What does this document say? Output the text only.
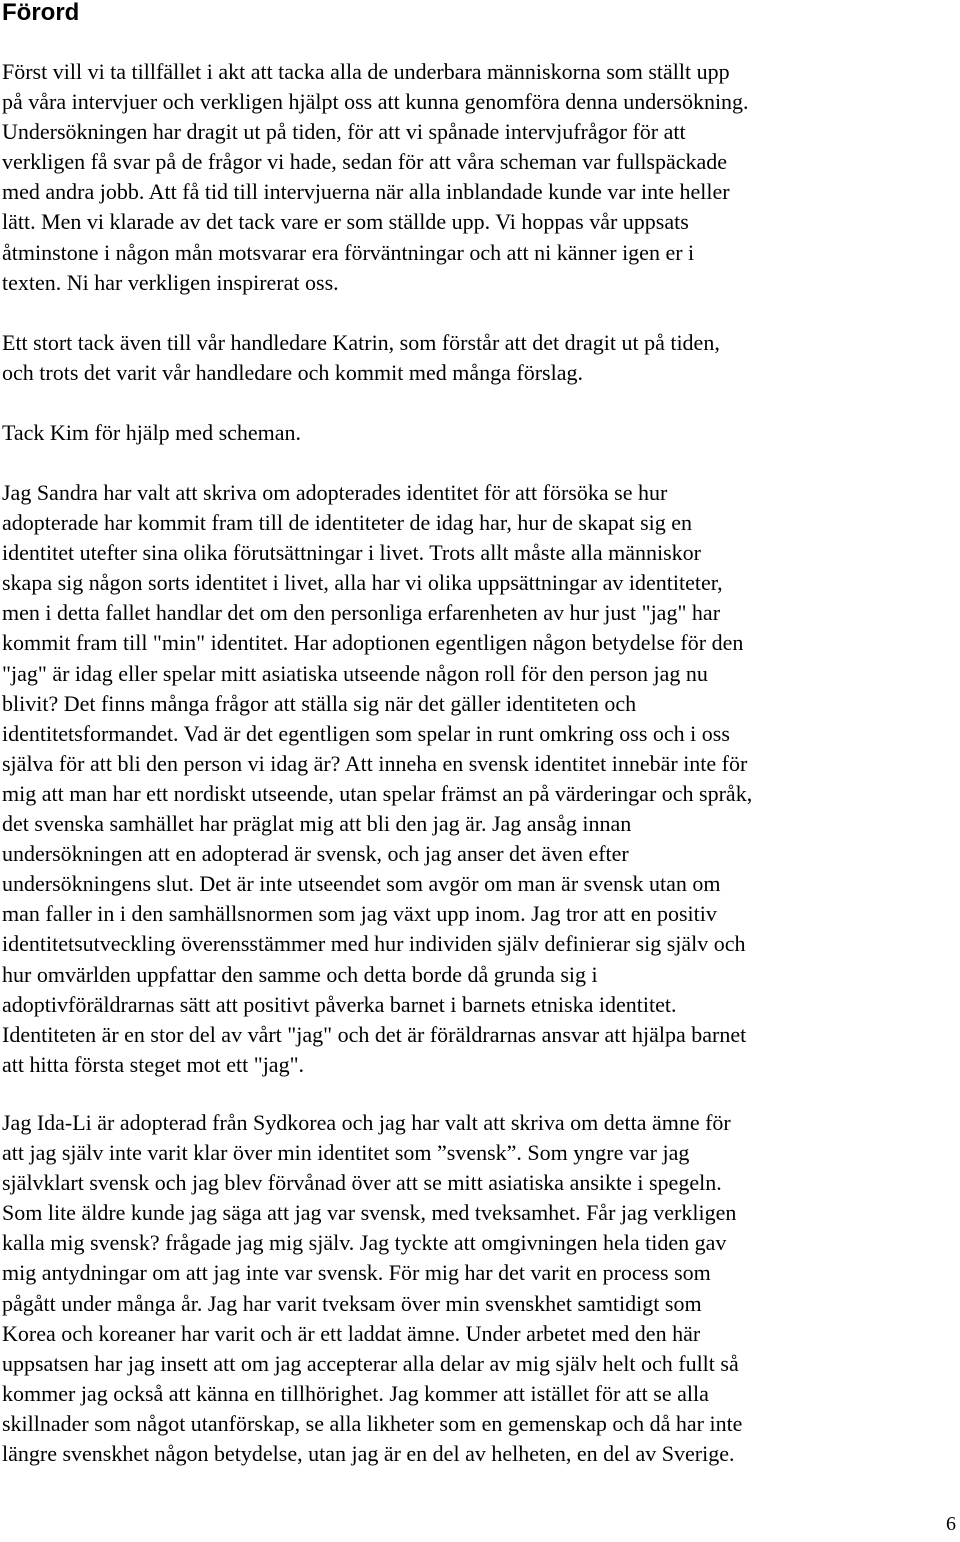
Förord
Först vill vi ta tillfället i akt att tacka alla de underbara människorna som ställt upp
på våra intervjuer och verkligen hjälpt oss att kunna genomföra denna undersökning.
Undersökningen har dragit ut på tiden, för att vi spånade intervjufrågor för att
verkligen få svar på de frågor vi hade, sedan för att våra scheman var fullspäckade
med andra jobb. Att få tid till intervjuerna när alla inblandade kunde var inte heller
lätt. Men vi klarade av det tack vare er som ställde upp. Vi hoppas vår uppsats
åtminstone i någon mån motsvarar era förväntningar och att ni känner igen er i
texten. Ni har verkligen inspirerat oss.
Ett stort tack även till vår handledare Katrin, som förstår att det dragit ut på tiden,
och trots det varit vår handledare och kommit med många förslag.
Tack Kim för hjälp med scheman.
Jag Sandra har valt att skriva om adopterades identitet för att försöka se hur
adopterade har kommit fram till de identiteter de idag har, hur de skapat sig en
identitet utefter sina olika förutsättningar i livet. Trots allt måste alla människor
skapa sig någon sorts identitet i livet, alla har vi olika uppsättningar av identiteter,
men i detta fallet handlar det om den personliga erfarenheten av hur just "jag" har
kommit fram till "min" identitet. Har adoptionen egentligen någon betydelse för den
"jag" är idag eller spelar mitt asiatiska utseende någon roll för den person jag nu
blivit? Det finns många frågor att ställa sig när det gäller identiteten och
identitetsformandet. Vad är det egentligen som spelar in runt omkring oss och i oss
själva för att bli den person vi idag är? Att inneha en svensk identitet innebär inte för
mig att man har ett nordiskt utseende, utan spelar främst an på värderingar och språk,
det svenska samhället har präglat mig att bli den jag är. Jag ansåg innan
undersökningen att en adopterad är svensk, och jag anser det även efter
undersökningens slut. Det är inte utseendet som avgör om man är svensk utan om
man faller in i den samhällsnormen som jag växt upp inom. Jag tror att en positiv
identitetsutveckling överensstämmer med hur individen själv definierar sig själv och
hur omvärlden uppfattar den samme och detta borde då grunda sig i
adoptivföräldrarnas sätt att positivt påverka barnet i barnets etniska identitet.
Identiteten är en stor del av vårt "jag" och det är föräldrarnas ansvar att hjälpa barnet
att hitta första steget mot ett "jag".
Jag Ida-Li är adopterad från Sydkorea och jag har valt att skriva om detta ämne för
att jag själv inte varit klar över min identitet som ”svensk”. Som yngre var jag
självklart svensk och jag blev förvånad över att se mitt asiatiska ansikte i spegeln.
Som lite äldre kunde jag säga att jag var svensk, med tveksamhet. Får jag verkligen
kalla mig svensk? frågade jag mig själv. Jag tyckte att omgivningen hela tiden gav
mig antydningar om att jag inte var svensk. För mig har det varit en process som
pågått under många år. Jag har varit tveksam över min svenskhet samtidigt som
Korea och koreaner har varit och är ett laddat ämne. Under arbetet med den här
uppsatsen har jag insett att om jag accepterar alla delar av mig själv helt och fullt så
kommer jag också att känna en tillhörighet. Jag kommer att istället för att se alla
skillnader som något utanförskap, se alla likheter som en gemenskap och då har inte
längre svenskhet någon betydelse, utan jag är en del av helheten, en del av Sverige.
6
